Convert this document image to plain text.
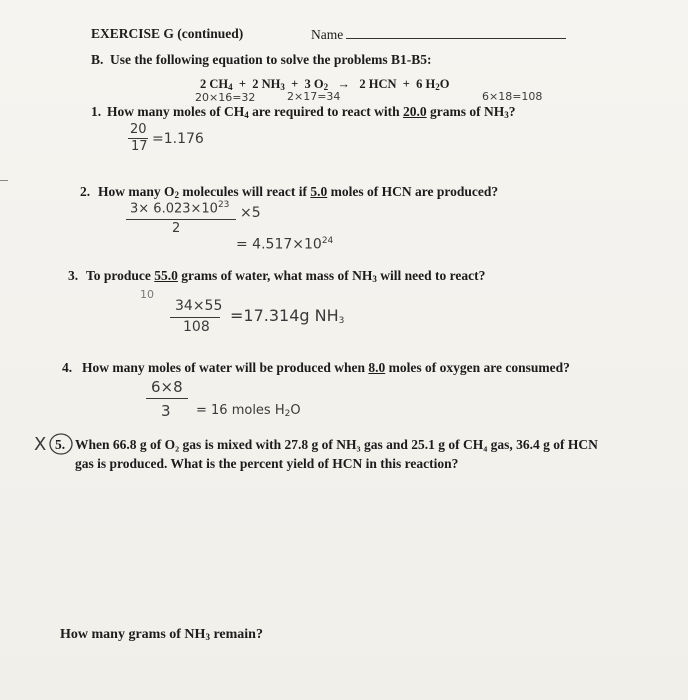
EXERCISE G (continued)	Name
B. Use the following equation to solve the problems B1-B5:
2 $CH_4 + 2$ $NH_3 + 3$ $O_2 \to 2$ HCN + 6 $H_2O$
20×16=32	2×17=34	6×18=108
1. How many moles of $CH_4$ are required to react with 20.0 grams of $NH_3$?
20
17 =1.176
2. How many $O_2$ molecules will react if 5.0 moles of HCN are produced?
$3\times 6.023\times 10^{23} \times 5$
2
= $4.517\times 10^{24}$
3. To produce 55.0 grams of water, what mass of $NH_3$ will need to react?
10
34×55
108
=17.314g $NH_3$
4. How many moles of water will be produced when 8.0 moles of oxygen are consumed?
6×8
3 = 16 moles $H_2O$
X 5. When 66.8 g of O₂ gas is mixed with 27.8 g of NH₃ gas and 25.1 g of CH₄ gas, 36.4 g of HCN
gas is produced. What is the percent yield of HCN in this reaction?
How many grams of $NH_3$ remain?
